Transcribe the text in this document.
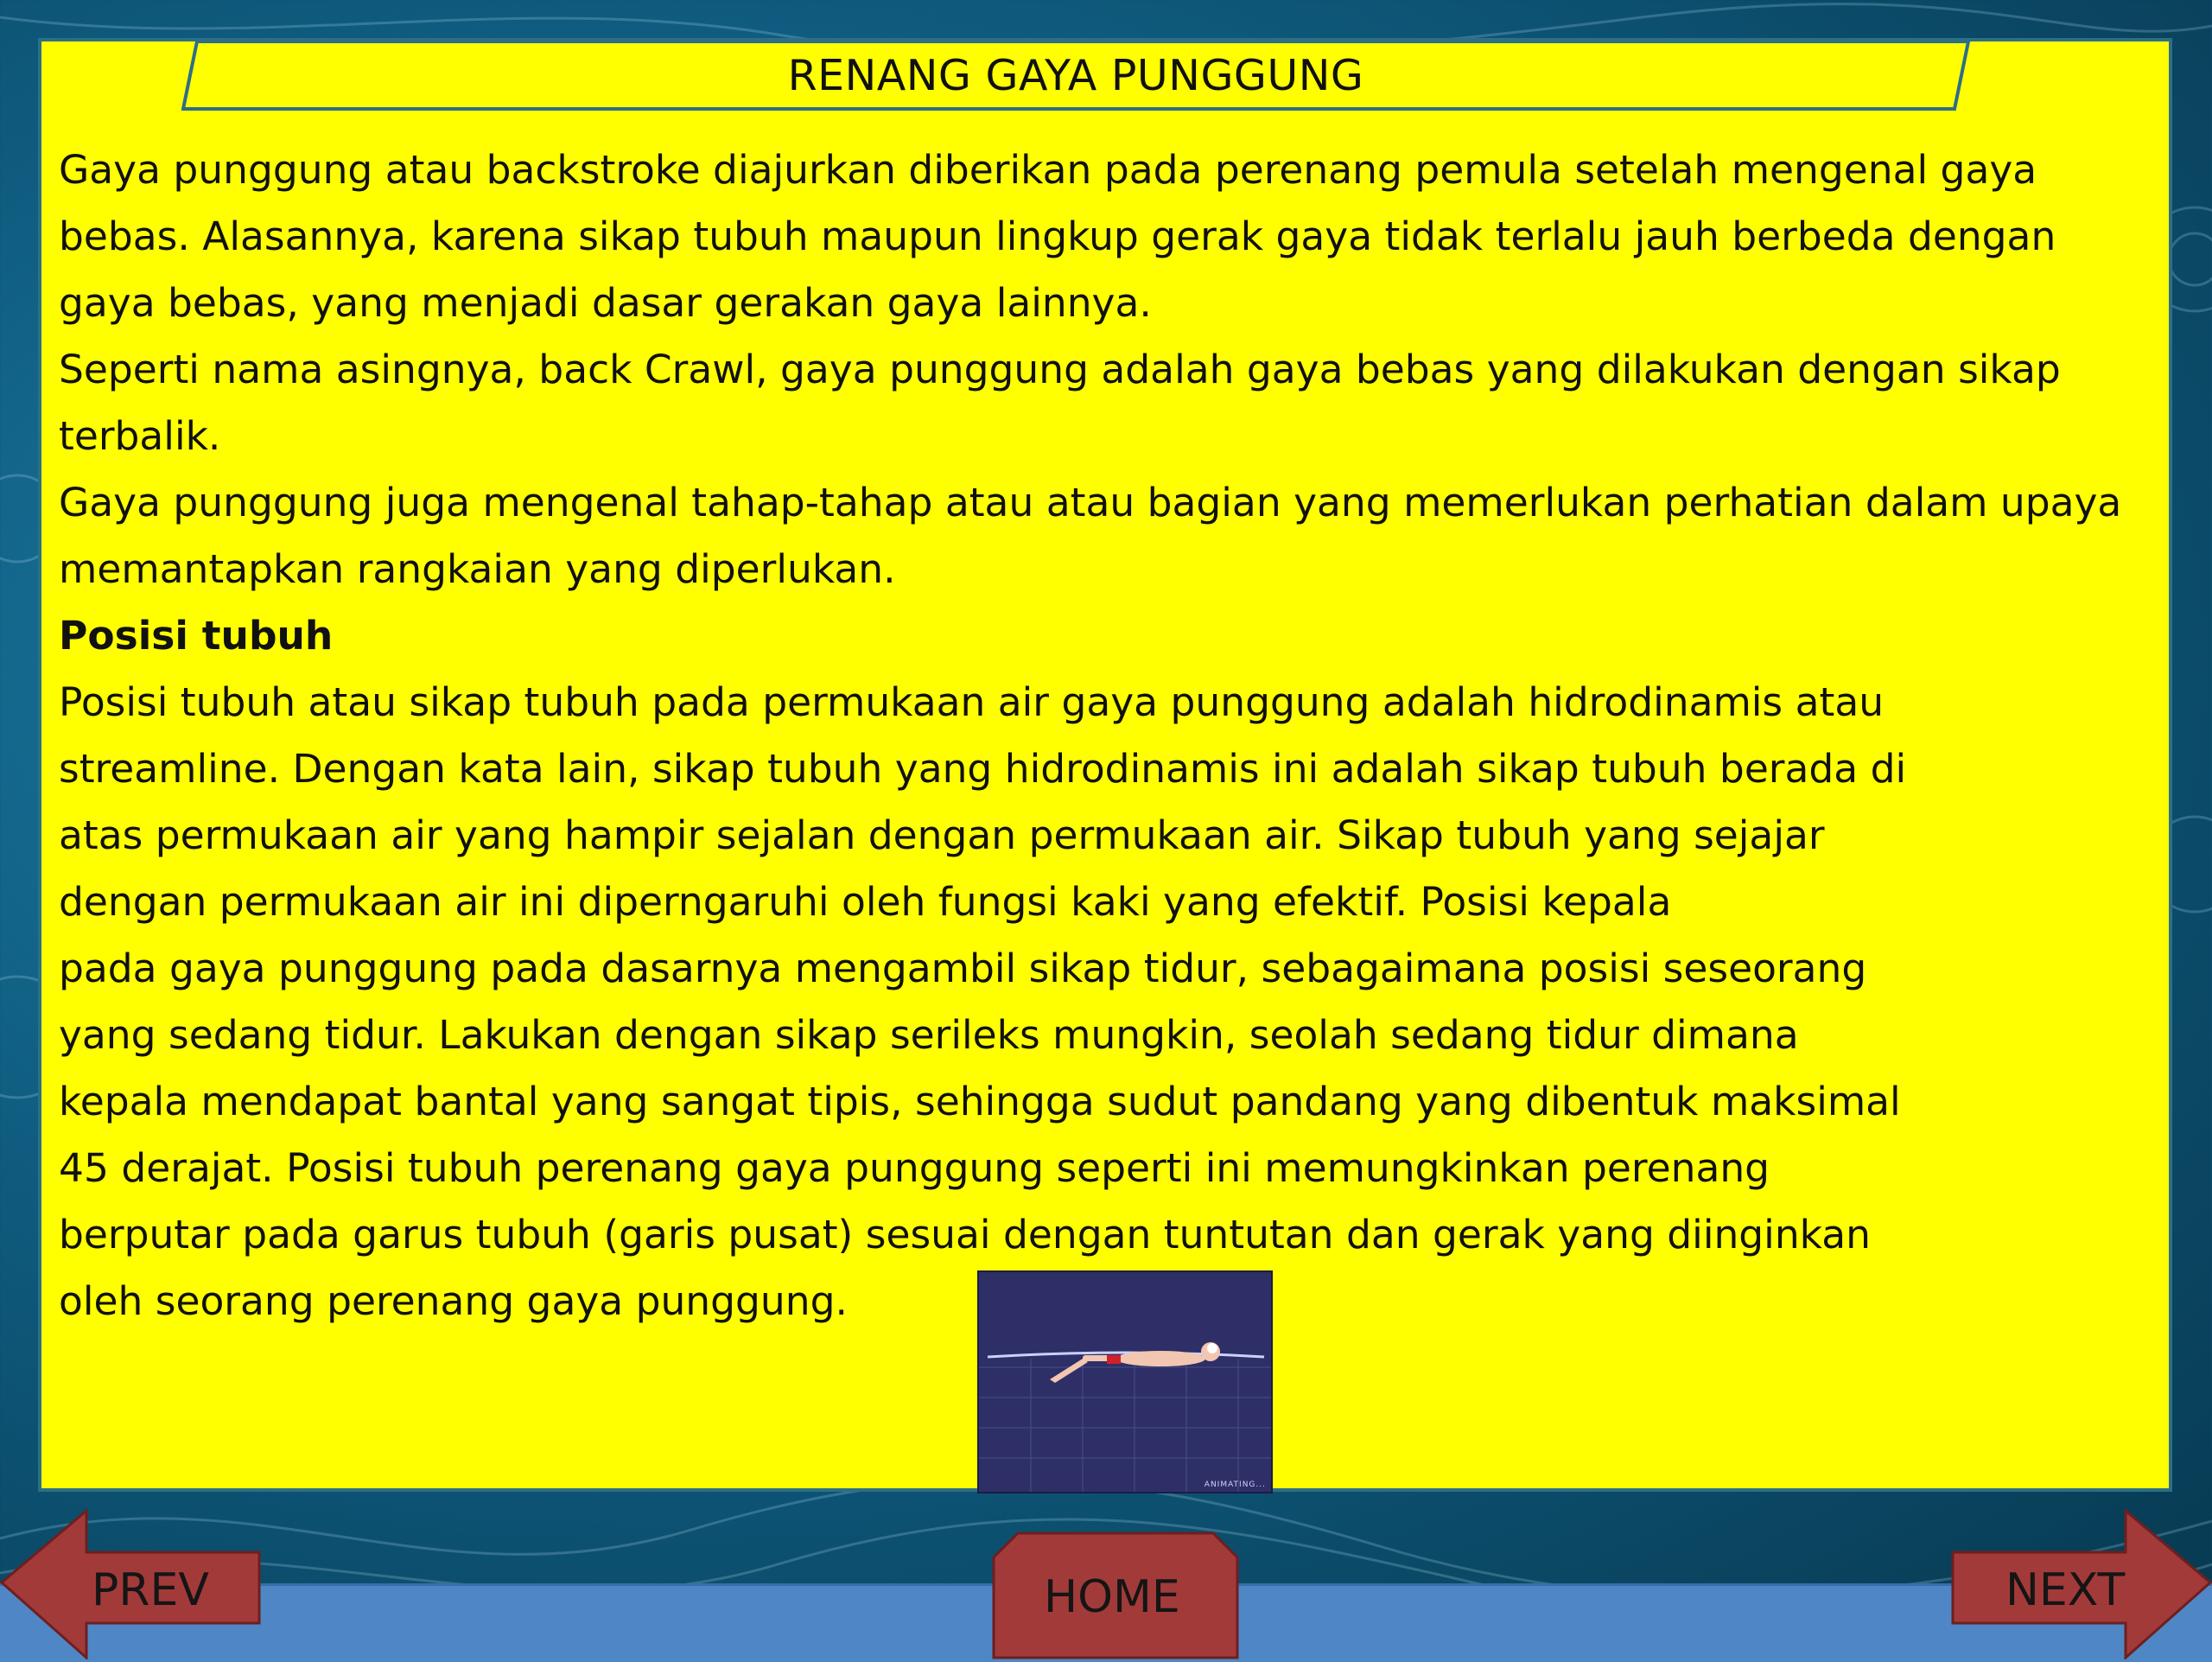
RENANG GAYA PUNGGUNG

Gaya punggung atau backstroke diajurkan diberikan pada perenang pemula setelah mengenal gaya bebas. Alasannya, karena sikap tubuh maupun lingkup gerak gaya tidak terlalu jauh berbeda dengan gaya bebas, yang menjadi dasar gerakan gaya lainnya.

Seperti nama asingnya, back Crawl, gaya punggung adalah gaya bebas yang dilakukan dengan sikap terbalik.

Gaya punggung juga mengenal tahap-tahap atau atau bagian yang memerlukan perhatian dalam upaya memantapkan rangkaian yang diperlukan.

Posisi tubuh

Posisi tubuh atau sikap tubuh pada permukaan air gaya punggung adalah hidrodinamis atau

streamline. Dengan kata lain, sikap tubuh yang hidrodinamis ini adalah sikap tubuh berada di

atas permukaan air yang hampir sejalan dengan permukaan air. Sikap tubuh yang sejajar

dengan permukaan air ini diperngaruhi oleh fungsi kaki yang efektif. Posisi kepala

pada gaya punggung pada dasarnya mengambil sikap tidur, sebagaimana posisi seseorang

yang sedang tidur. Lakukan dengan sikap serileks mungkin, seolah sedang tidur dimana

kepala mendapat bantal yang sangat tipis, sehingga sudut pandang yang dibentuk maksimal

45 derajat. Posisi tubuh perenang gaya punggung seperti ini memungkinkan perenang

berputar pada garus tubuh (garis pusat) sesuai dengan tuntutan dan gerak yang diinginkan

oleh seorang perenang gaya punggung.

ANIMATING...
PREV	HOME	NEXT
